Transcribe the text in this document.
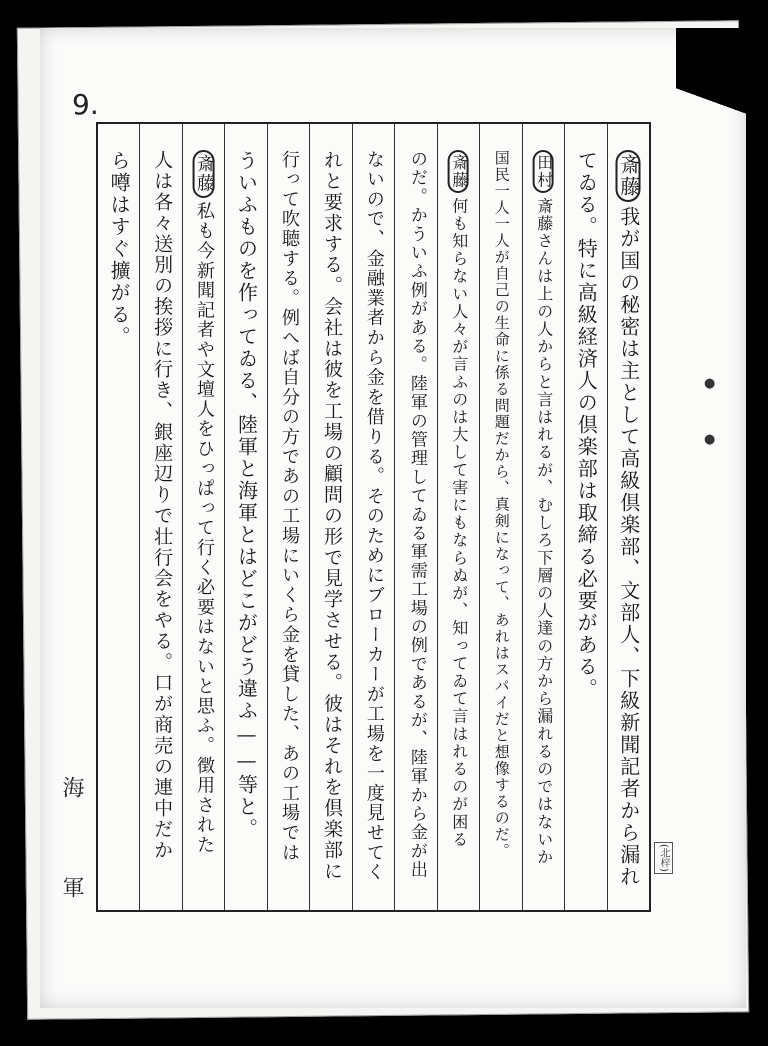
9.
斎藤我が国の秘密は主として高級倶楽部、文部人、下級新聞記者から漏れ
てゐる。特に高級経済人の倶楽部は取締る必要がある。
田村斎藤さんは上の人からと言はれるが、むしろ下層の人達の方から漏れるのではないか
国民一人一人が自己の生命に係る問題だから、真剣になって、あれはスパイだと想像するのだ。
斎藤何も知らない人々が言ふのは大して害にもならぬが、知ってゐて言はれるのが困る
のだ。かういふ例がある。陸軍の管理してゐる軍需工場の例であるが、陸軍から金が出
ないので、金融業者から金を借りる。そのためにブローカーが工場を一度見せてく
れと要求する。会社は彼を工場の顧問の形で見学させる。彼はそれを倶楽部に
行って吹聴する。例へば自分の方であの工場にいくら金を貸した、あの工場では
ういふものを作ってゐる、陸軍と海軍とはどこがどう違ふ——等と。
斎藤私も今新聞記者や文壇人をひっぱって行く必要はないと思ふ。徴用された
人は各々送別の挨拶に行き、銀座辺りで壮行会をやる。口が商売の連中だか
ら噂はすぐ擴がる。
海
軍
(北梓)
●
●
